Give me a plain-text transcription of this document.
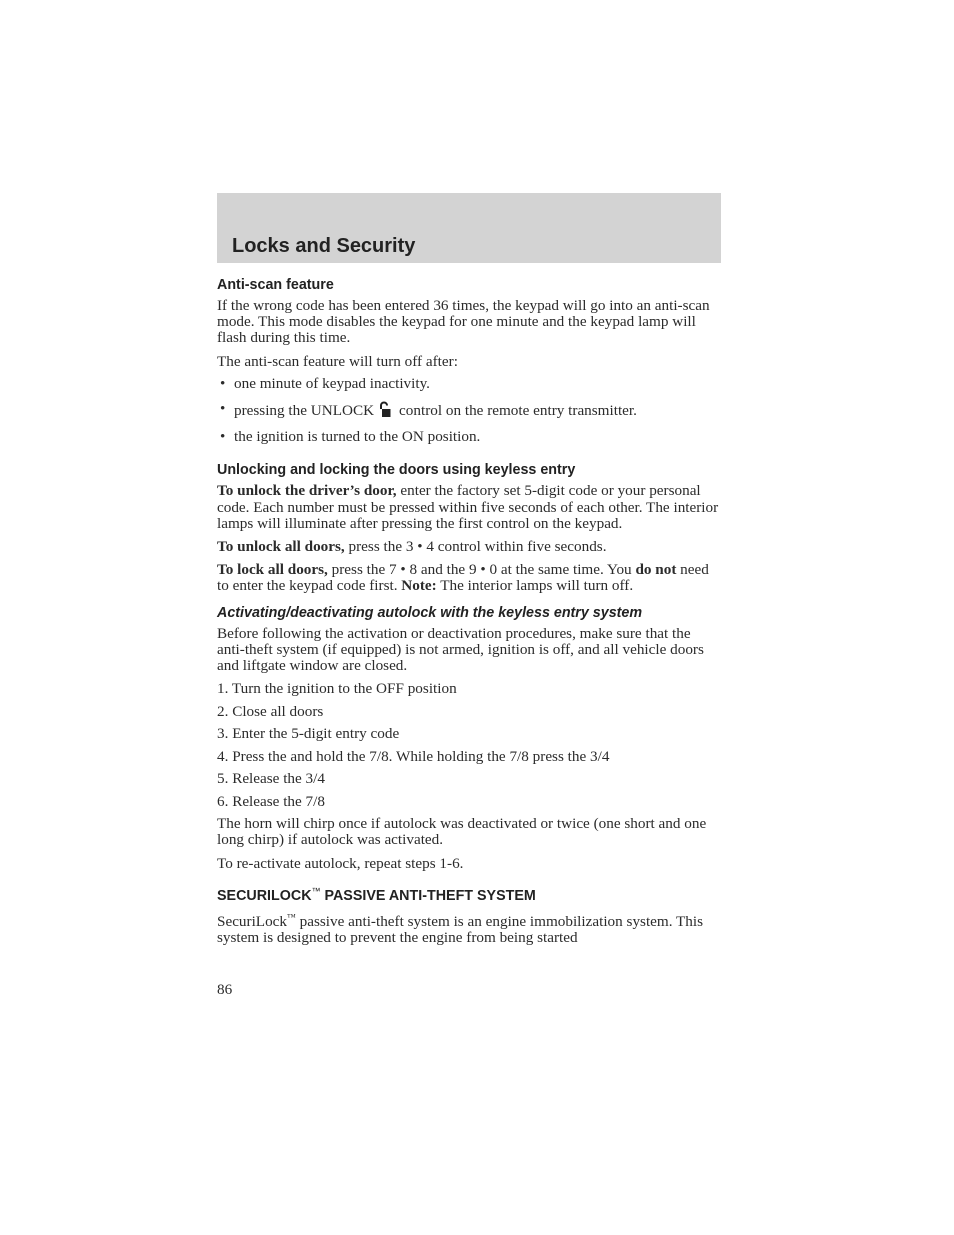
Locks and Security
Anti-scan feature

If the wrong code has been entered 36 times, the keypad will go into an anti-scan mode. This mode disables the keypad for one minute and the keypad lamp will flash during this time.

The anti-scan feature will turn off after:

• one minute of keypad inactivity.
• pressing the UNLOCK control on the remote entry transmitter.
• the ignition is turned to the ON position.
Unlocking and locking the doors using keyless entry

To unlock the driver’s door, enter the factory set 5-digit code or your personal code. Each number must be pressed within five seconds of each other. The interior lamps will illuminate after pressing the first control on the keypad.

To unlock all doors, press the 3 • 4 control within five seconds.

To lock all doors, press the 7 • 8 and the 9 • 0 at the same time. You do not need to enter the keypad code first. Note: The interior lamps will turn off.

Activating/deactivating autolock with the keyless entry system

Before following the activation or deactivation procedures, make sure that the anti-theft system (if equipped) is not armed, ignition is off, and all vehicle doors and liftgate window are closed.

1. Turn the ignition to the OFF position
2. Close all doors
3. Enter the 5-digit entry code
4. Press the and hold the 7/8. While holding the 7/8 press the 3/4
5. Release the 3/4
6. Release the 7/8

The horn will chirp once if autolock was deactivated or twice (one short and one long chirp) if autolock was activated.

To re-activate autolock, repeat steps 1-6.

SECURILOCK™ PASSIVE ANTI-THEFT SYSTEM

SecuriLock™ passive anti-theft system is an engine immobilization system. This system is designed to prevent the engine from being started

86
